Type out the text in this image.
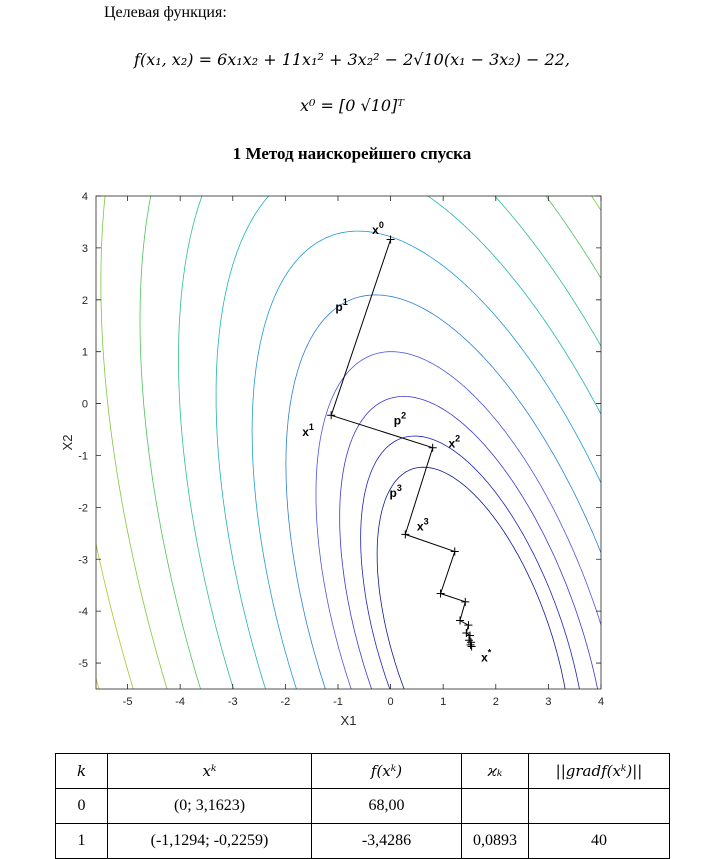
Целевая функция:
f(x₁, x₂) = 6x₁x₂ + 11x₁² + 3x₂² − 2√10(x₁ − 3x₂) − 22,
x⁰ = [0 √10]ᵀ
1 Метод наискорейшего спуска
-5	-4	-3	-2	-1	0	1	2	3	4
4
3
2
1
0
-1
-2
-3
-4
-5
X1
X2
$x^0$
$p^1$
$x^1$	$p^2$
$x^2$
$p^3$
$x^3$
x*
k	xᵏ	f(xᵏ)	ϰₖ	||gradf(xᵏ)||
0	(0; 3,1623)	68,00		
1	(-1,1294; -0,2259)	-3,4286	0,0893	40
